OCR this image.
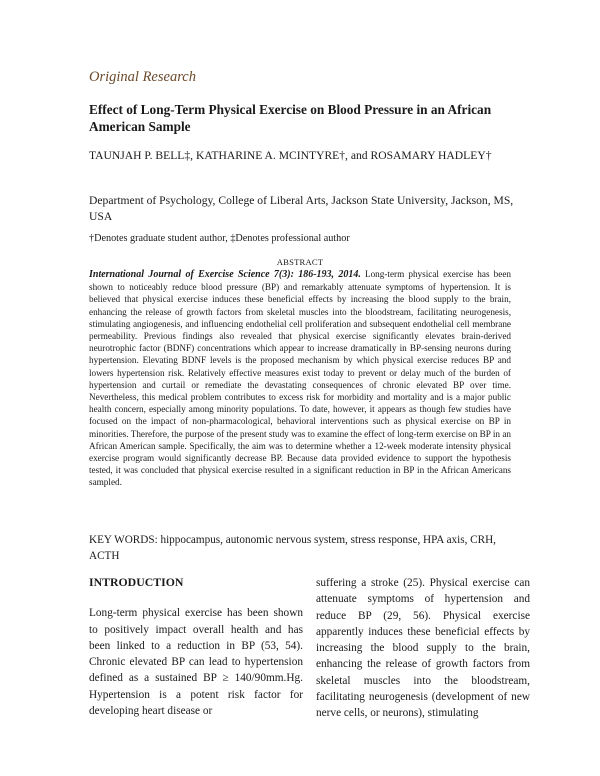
Original Research
Effect of Long-Term Physical Exercise on Blood Pressure in an African American Sample
TAUNJAH P. BELL‡, KATHARINE A. MCINTYRE†, and ROSAMARY HADLEY†
Department of Psychology, College of Liberal Arts, Jackson State University, Jackson, MS, USA
†Denotes graduate student author, ‡Denotes professional author
ABSTRACT
International Journal of Exercise Science 7(3): 186-193, 2014. Long-term physical exercise has been shown to noticeably reduce blood pressure (BP) and remarkably attenuate symptoms of hypertension. It is believed that physical exercise induces these beneficial effects by increasing the blood supply to the brain, enhancing the release of growth factors from skeletal muscles into the bloodstream, facilitating neurogenesis, stimulating angiogenesis, and influencing endothelial cell proliferation and subsequent endothelial cell membrane permeability. Previous findings also revealed that physical exercise significantly elevates brain-derived neurotrophic factor (BDNF) concentrations which appear to increase dramatically in BP-sensing neurons during hypertension. Elevating BDNF levels is the proposed mechanism by which physical exercise reduces BP and lowers hypertension risk. Relatively effective measures exist today to prevent or delay much of the burden of hypertension and curtail or remediate the devastating consequences of chronic elevated BP over time. Nevertheless, this medical problem contributes to excess risk for morbidity and mortality and is a major public health concern, especially among minority populations. To date, however, it appears as though few studies have focused on the impact of non-pharmacological, behavioral interventions such as physical exercise on BP in minorities. Therefore, the purpose of the present study was to examine the effect of long-term exercise on BP in an African American sample. Specifically, the aim was to determine whether a 12-week moderate intensity physical exercise program would significantly decrease BP. Because data provided evidence to support the hypothesis tested, it was concluded that physical exercise resulted in a significant reduction in BP in the African Americans sampled.
KEY WORDS: hippocampus, autonomic nervous system, stress response, HPA axis, CRH, ACTH
INTRODUCTION

Long-term physical exercise has been shown to positively impact overall health and has been linked to a reduction in BP (53, 54). Chronic elevated BP can lead to hypertension defined as a sustained BP ≥ 140/90mm.Hg. Hypertension is a potent risk factor for developing heart disease or

suffering a stroke (25). Physical exercise can attenuate symptoms of hypertension and reduce BP (29, 56). Physical exercise apparently induces these beneficial effects by increasing the blood supply to the brain, enhancing the release of growth factors from skeletal muscles into the bloodstream, facilitating neurogenesis (development of new nerve cells, or neurons), stimulating
